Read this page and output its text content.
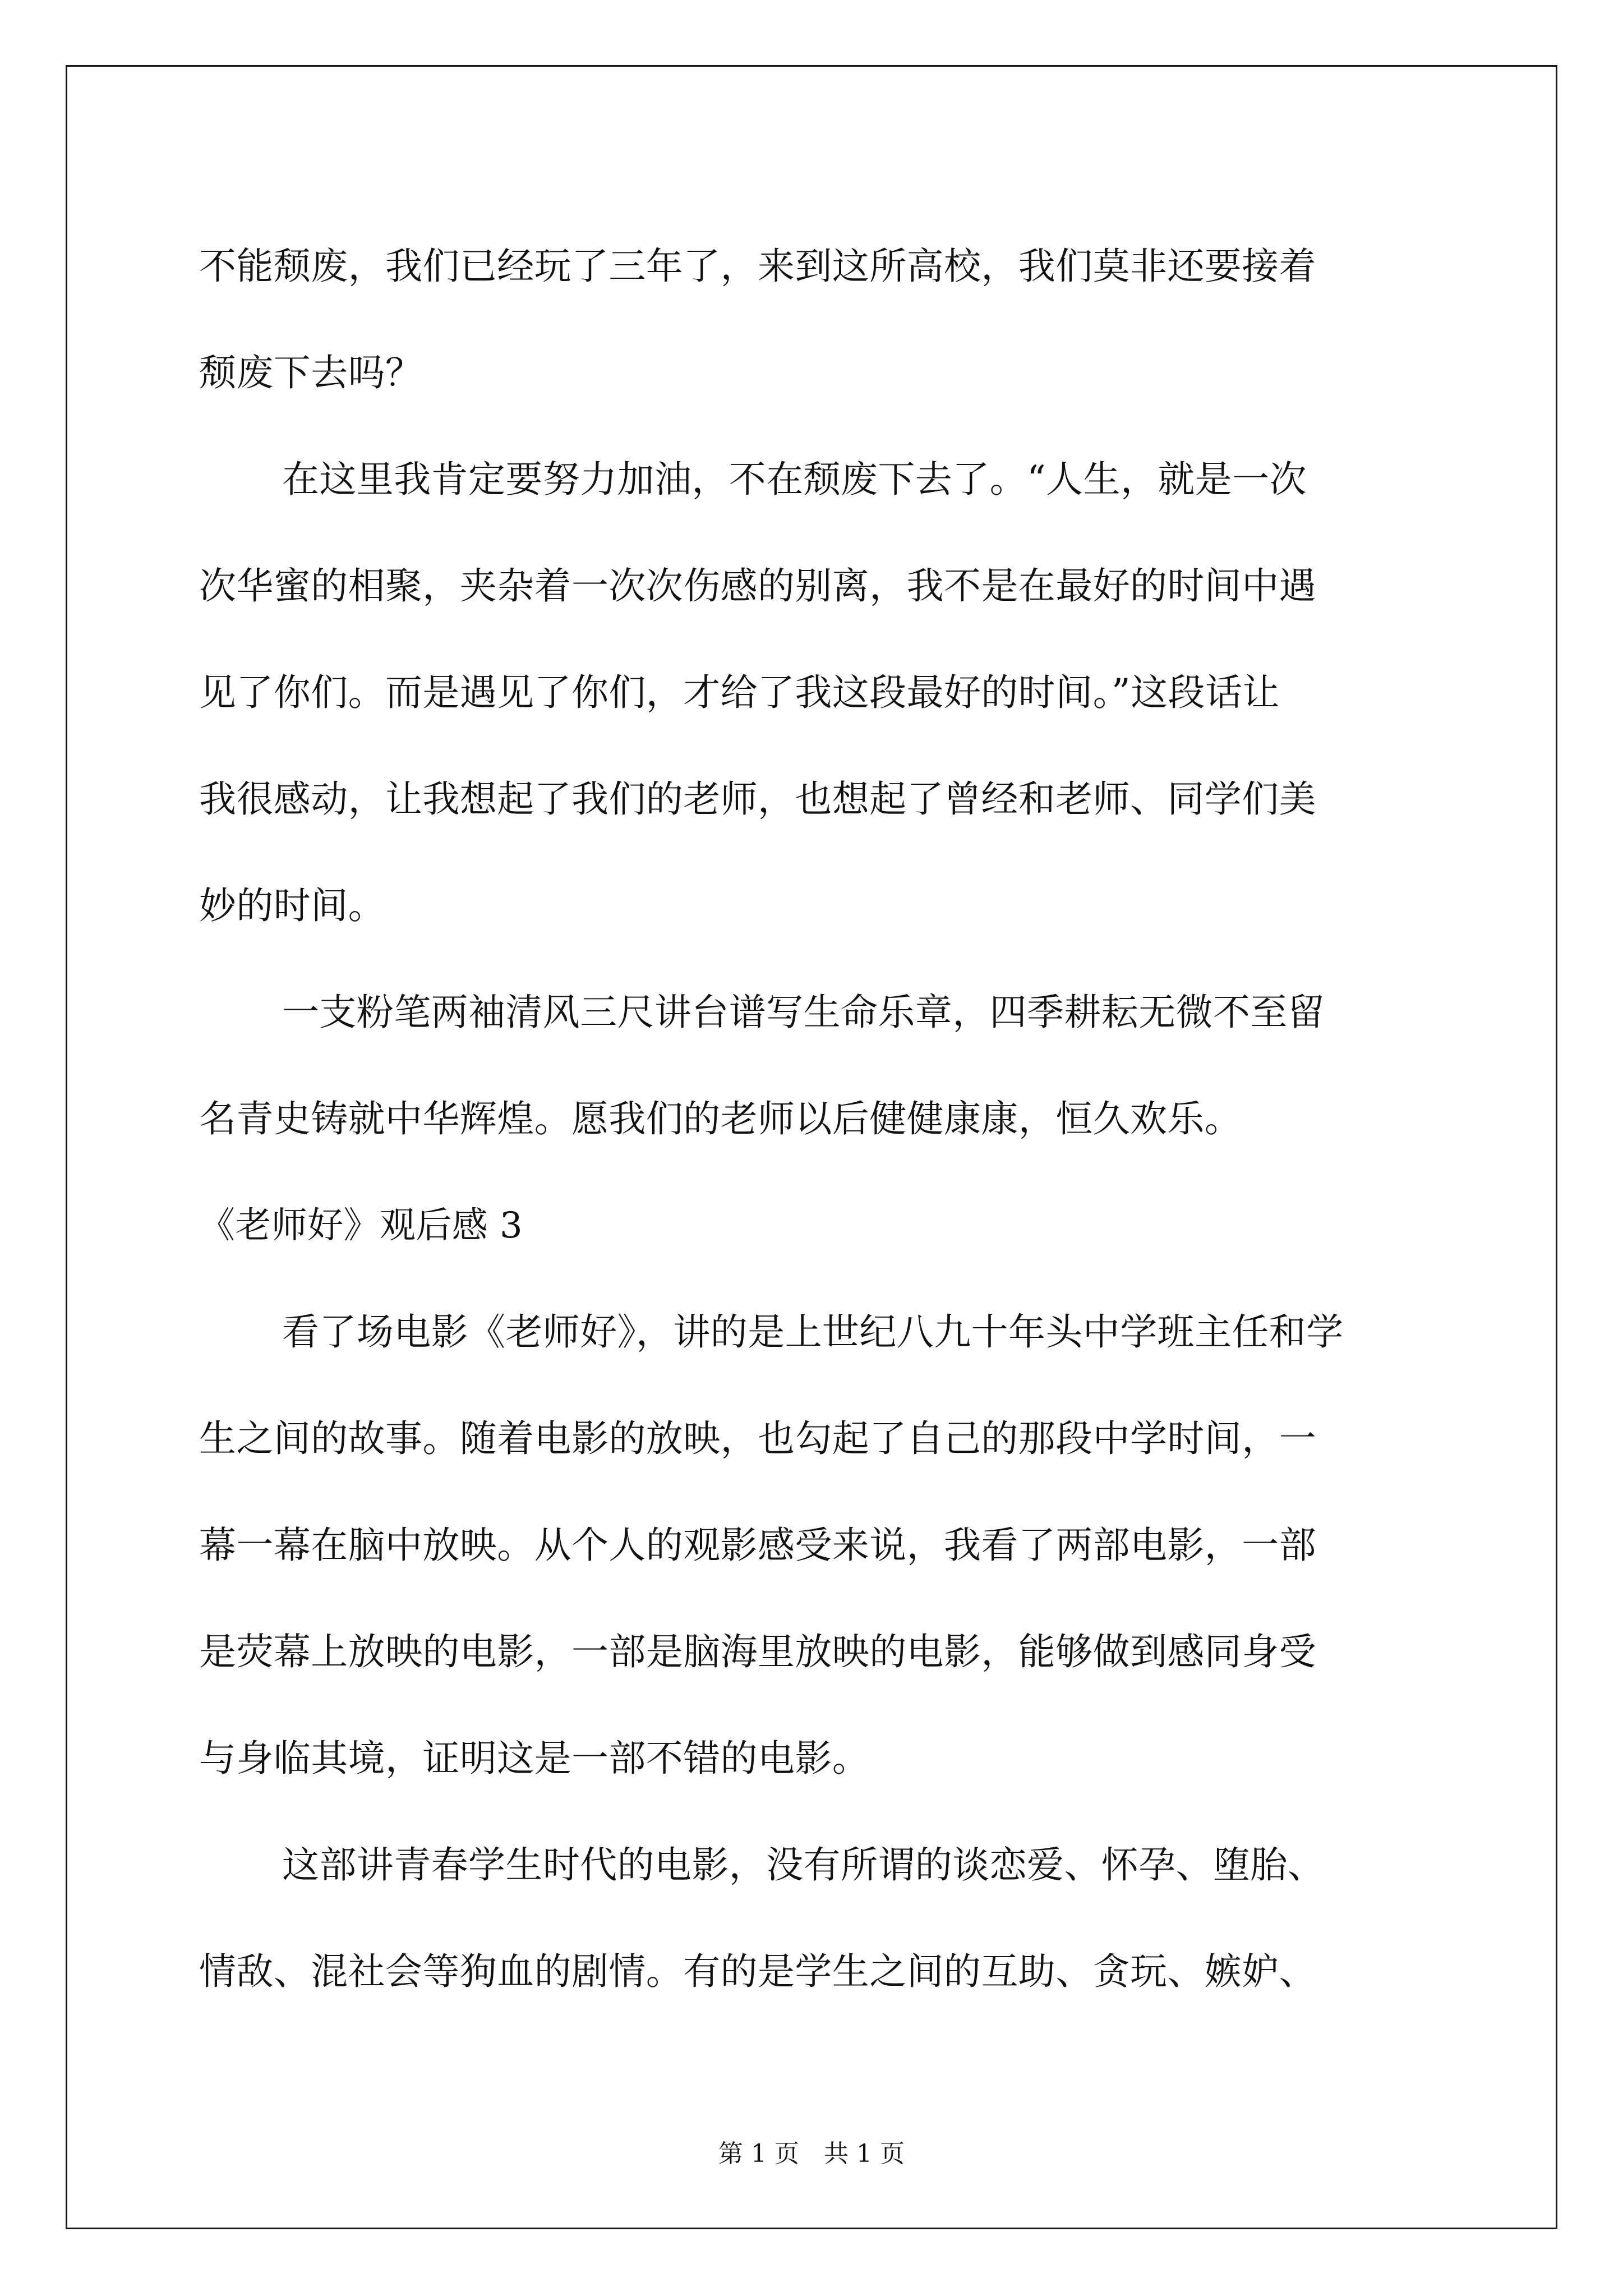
不能颓废，我们已经玩了三年了，来到这所高校，我们莫非还要接着
颓废下去吗？
在这里我肯定要努力加油，不在颓废下去了。“人生，就是一次
次华蜜的相聚，夹杂着一次次伤感的别离，我不是在最好的时间中遇
见了你们。而是遇见了你们，才给了我这段最好的时间。”这段话让
我很感动，让我想起了我们的老师，也想起了曾经和老师、同学们美
妙的时间。
一支粉笔两袖清风三尺讲台谱写生命乐章，四季耕耘无微不至留
名青史铸就中华辉煌。愿我们的老师以后健健康康，恒久欢乐。
《老师好》观后感 3
看了场电影《老师好》，讲的是上世纪八九十年头中学班主任和学
生之间的故事。随着电影的放映，也勾起了自己的那段中学时间，一
幕一幕在脑中放映。从个人的观影感受来说，我看了两部电影，一部
是荧幕上放映的电影，一部是脑海里放映的电影，能够做到感同身受
与身临其境，证明这是一部不错的电影。
这部讲青春学生时代的电影，没有所谓的谈恋爱、怀孕、堕胎、
情敌、混社会等狗血的剧情。有的是学生之间的互助、贪玩、嫉妒、
第 1 页　共 1 页
